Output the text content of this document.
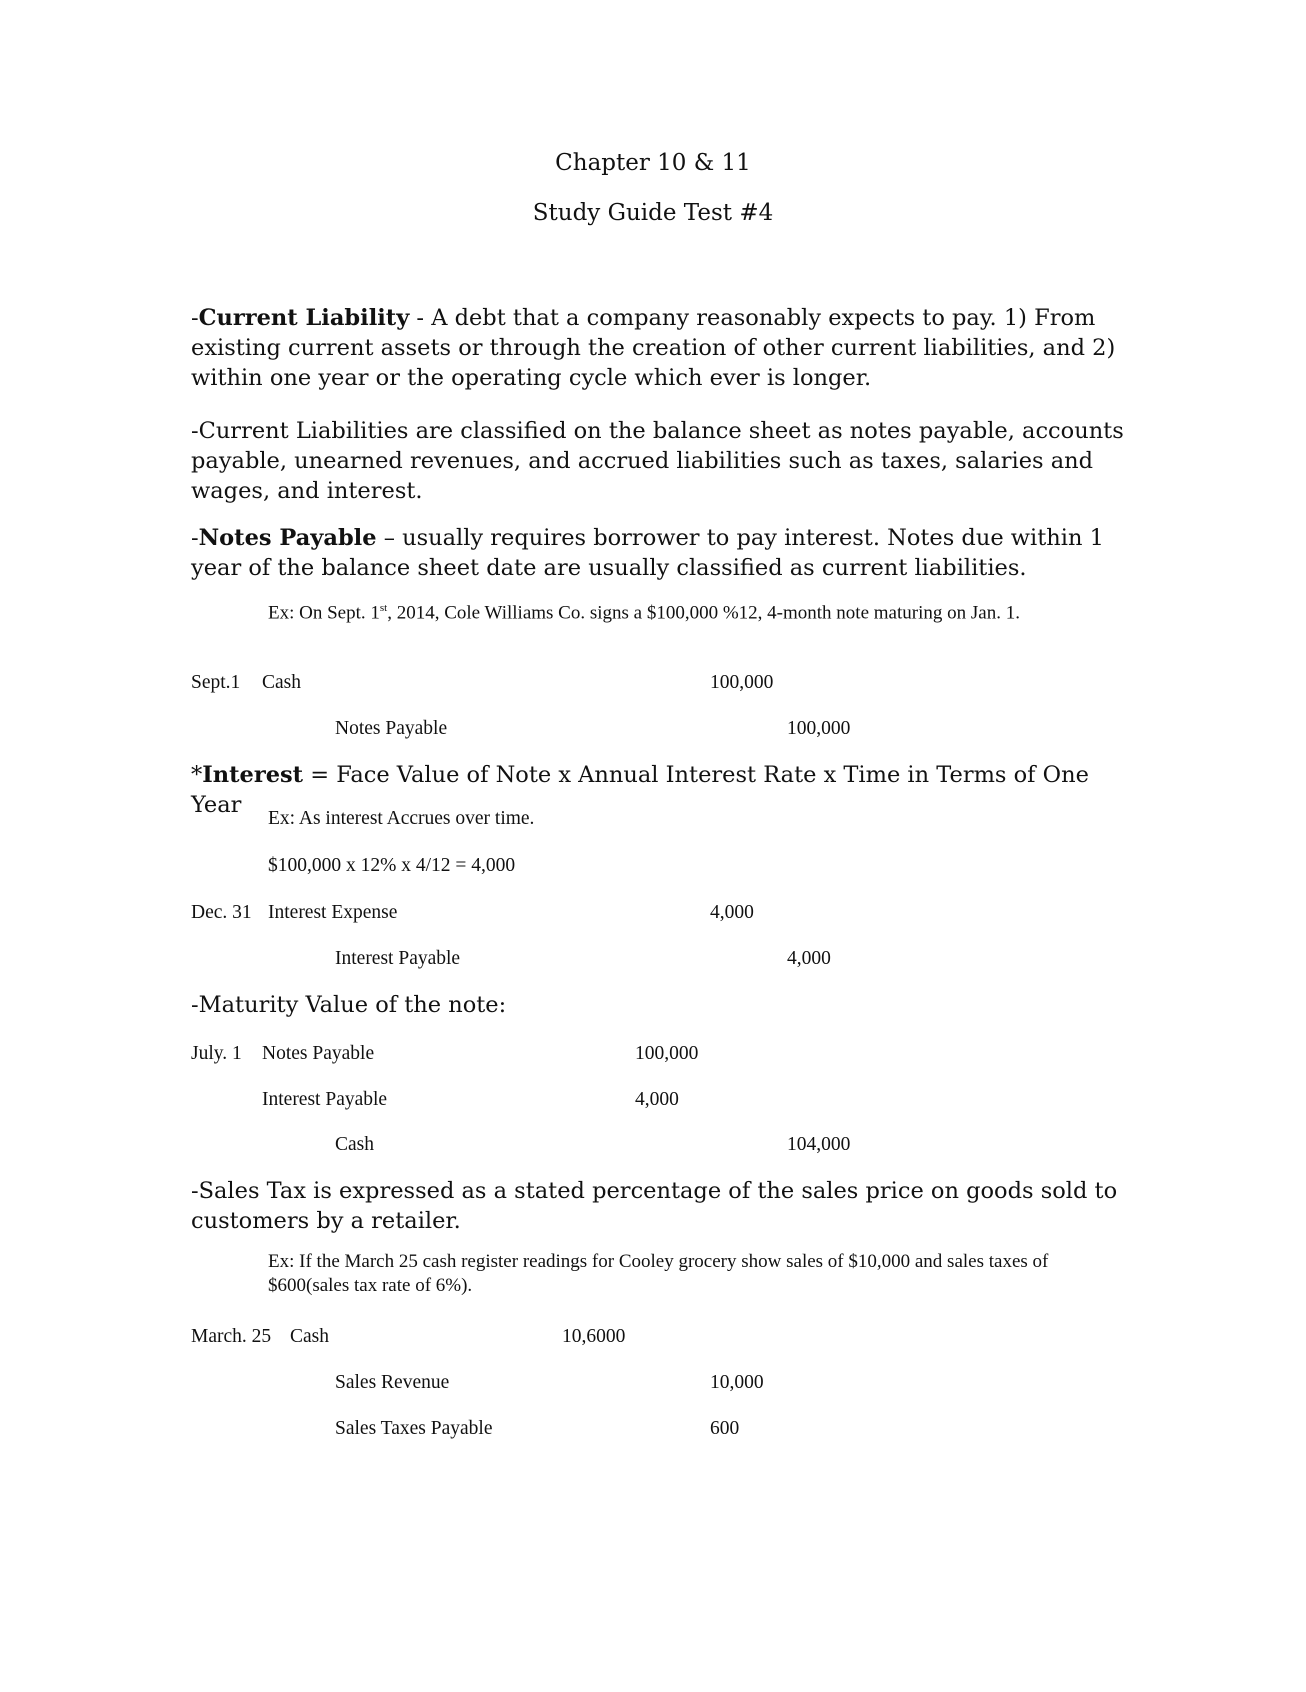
Chapter 10 & 11
Study Guide Test #4
-Current Liability - A debt that a company reasonably expects to pay. 1) From existing current assets or through the creation of other current liabilities, and 2) within one year or the operating cycle which ever is longer.
-Current Liabilities are classified on the balance sheet as notes payable, accounts payable, unearned revenues, and accrued liabilities such as taxes, salaries and wages, and interest.
-Notes Payable – usually requires borrower to pay interest. Notes due within 1 year of the balance sheet date are usually classified as current liabilities.
Ex: On Sept. 1st, 2014, Cole Williams Co. signs a $100,000 %12, 4-month note maturing on Jan. 1.
Sept.1 Cash	100,000
Notes Payable	100,000
*Interest = Face Value of Note x Annual Interest Rate x Time in Terms of One Year
Ex: As interest Accrues over time.
$100,000 x 12% x 4/12 = 4,000
Dec. 31 Interest Expense	4,000
Interest Payable	4,000
-Maturity Value of the note:
July. 1 Notes Payable	100,000
Interest Payable	4,000
Cash	104,000
-Sales Tax is expressed as a stated percentage of the sales price on goods sold to customers by a retailer.
Ex: If the March 25 cash register readings for Cooley grocery show sales of $10,000 and sales taxes of $600(sales tax rate of 6%).
March. 25 Cash	10,6000
Sales Revenue	10,000
Sales Taxes Payable	600
